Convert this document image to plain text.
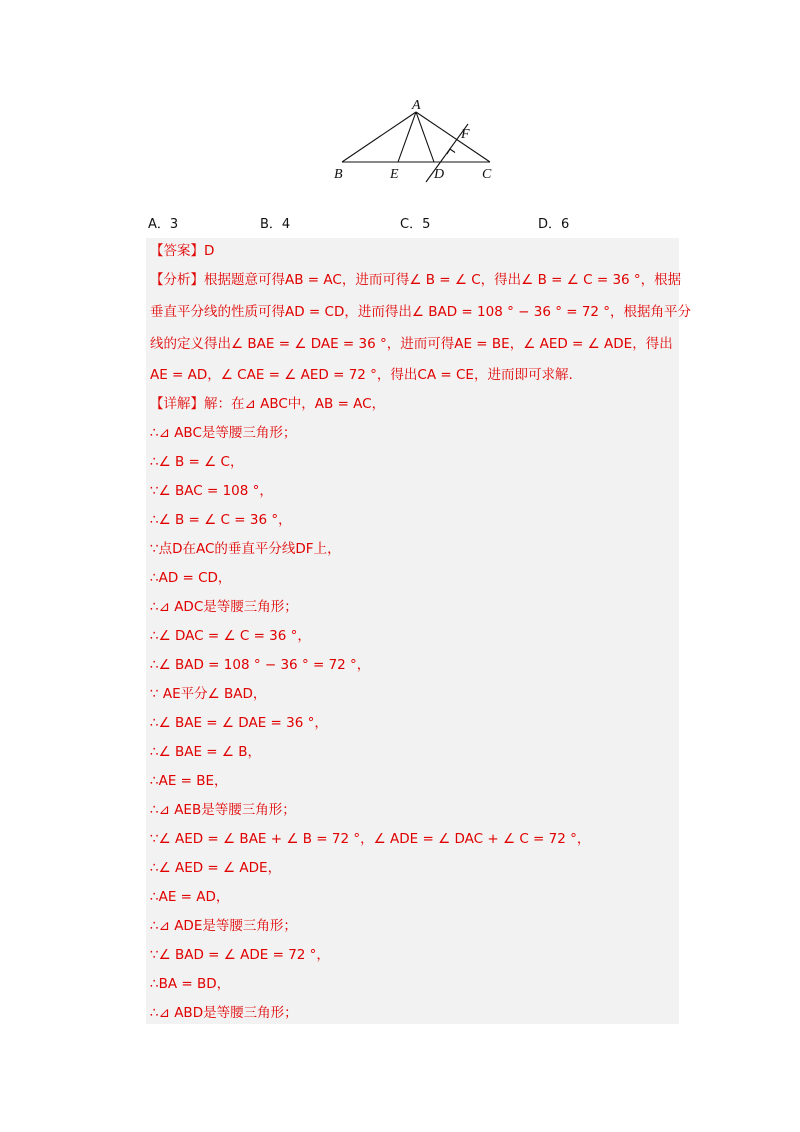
A
B	E	D	C
F
A．3	B．4	C．5	D．6
【答案】D
【分析】根据题意可得AB = AC，进而可得∠ B = ∠ C，得出∠ B = ∠ C = 36 °，根据
垂直平分线的性质可得AD = CD，进而得出∠ BAD = 108 ° − 36 ° = 72 °，根据角平分
线的定义得出∠ BAE = ∠ DAE = 36 °，进而可得AE = BE，∠ AED = ∠ ADE，得出
AE = AD，∠ CAE = ∠ AED = 72 °，得出CA = CE，进而即可求解.
【详解】解：在⊿ ABC中，AB = AC，
∴⊿ ABC是等腰三角形；
∴∠ B = ∠ C，
∵∠ BAC = 108 °，
∴∠ B = ∠ C = 36 °，
∵点D在AC的垂直平分线DF上，
∴AD = CD，
∴⊿ ADC是等腰三角形；
∴∠ DAC = ∠ C = 36 °，
∴∠ BAD = 108 ° − 36 ° = 72 °，
∵ AE平分∠ BAD，
∴∠ BAE = ∠ DAE = 36 °，
∴∠ BAE = ∠ B，
∴AE = BE，
∴⊿ AEB是等腰三角形；
∵∠ AED = ∠ BAE + ∠ B = 72 °，∠ ADE = ∠ DAC + ∠ C = 72 °，
∴∠ AED = ∠ ADE，
∴AE = AD，
∴⊿ ADE是等腰三角形；
∵∠ BAD = ∠ ADE = 72 °，
∴BA = BD，
∴⊿ ABD是等腰三角形；
